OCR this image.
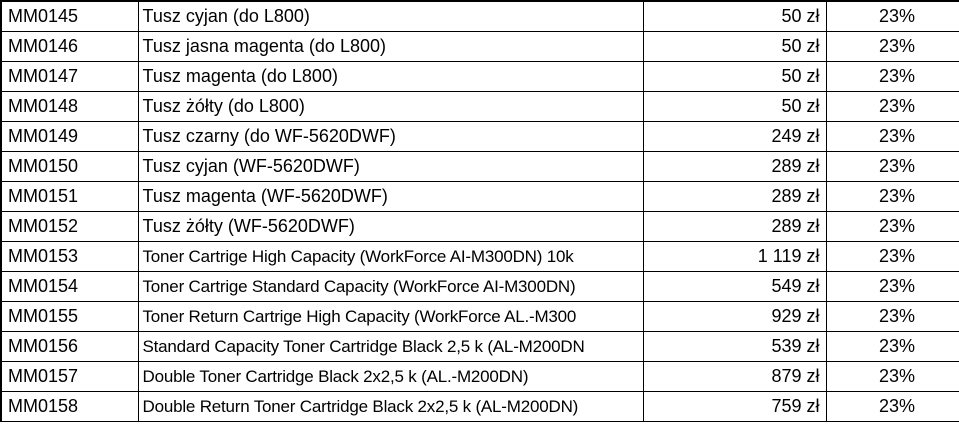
MM0145	Tusz cyjan (do L800)	50 zł	23%
MM0146	Tusz jasna magenta (do L800)	50 zł	23%
MM0147	Tusz magenta (do L800)	50 zł	23%
MM0148	Tusz żółty (do L800)	50 zł	23%
MM0149	Tusz czarny (do WF-5620DWF)	249 zł	23%
MM0150	Tusz cyjan (WF-5620DWF)	289 zł	23%
MM0151	Tusz magenta (WF-5620DWF)	289 zł	23%
MM0152	Tusz żółty (WF-5620DWF)	289 zł	23%
MM0153	Toner Cartrige High Capacity (WorkForce AI-M300DN) 10k	1 119 zł	23%
MM0154	Toner Cartrige Standard Capacity (WorkForce AI-M300DN)	549 zł	23%
MM0155	Toner Return Cartrige High Capacity (WorkForce AL.-M300	929 zł	23%
MM0156	Standard Capacity Toner Cartridge Black 2,5 k (AL-M200DN	539 zł	23%
MM0157	Double Toner Cartridge Black 2x2,5 k (AL.-M200DN)	879 zł	23%
MM0158	Double Return Toner Cartridge Black 2x2,5 k (AL-M200DN)	759 zł	23%
